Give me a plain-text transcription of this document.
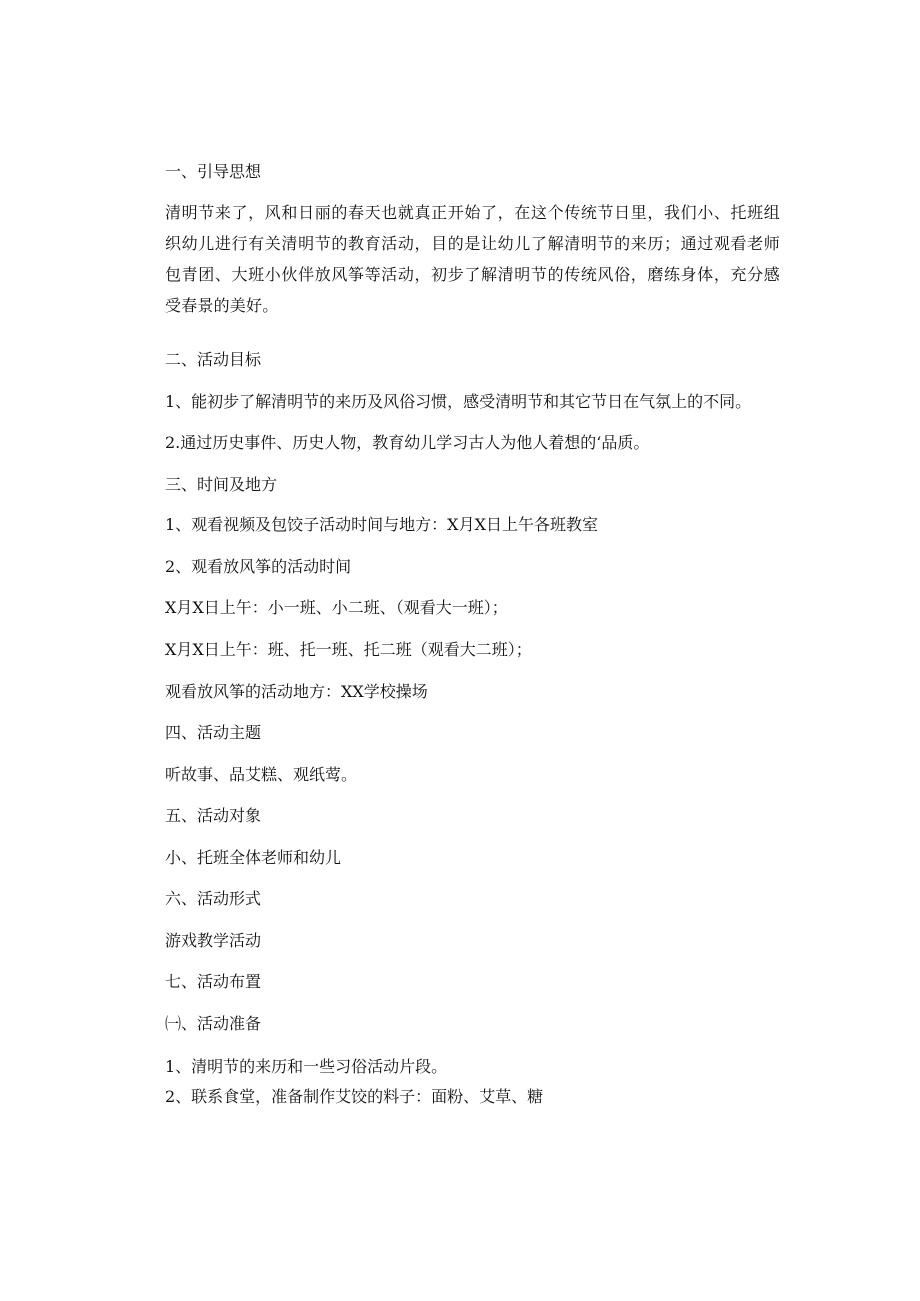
一、引导思想
清明节来了，风和日丽的春天也就真正开始了，在这个传统节日里，我们小、托班组织幼儿进行有关清明节的教育活动，目的是让幼儿了解清明节的来历；通过观看老师包青团、大班小伙伴放风筝等活动，初步了解清明节的传统风俗，磨练身体，充分感受春景的美好。
二、活动目标
1、能初步了解清明节的来历及风俗习惯，感受清明节和其它节日在气氛上的不同。
2.通过历史事件、历史人物，教育幼儿学习古人为他人着想的‘品质。
三、时间及地方
1、观看视频及包饺子活动时间与地方：X月X日上午各班教室
2、观看放风筝的活动时间
X月X日上午：小一班、小二班、（观看大一班）；
X月X日上午：班、托一班、托二班（观看大二班）；
观看放风筝的活动地方：XX学校操场
四、活动主题
听故事、品艾糕、观纸莺。
五、活动对象
小、托班全体老师和幼儿
六、活动形式
游戏教学活动
七、活动布置
㈠、活动准备
1、清明节的来历和一些习俗活动片段。
2、联系食堂，准备制作艾饺的料子：面粉、艾草、糖
